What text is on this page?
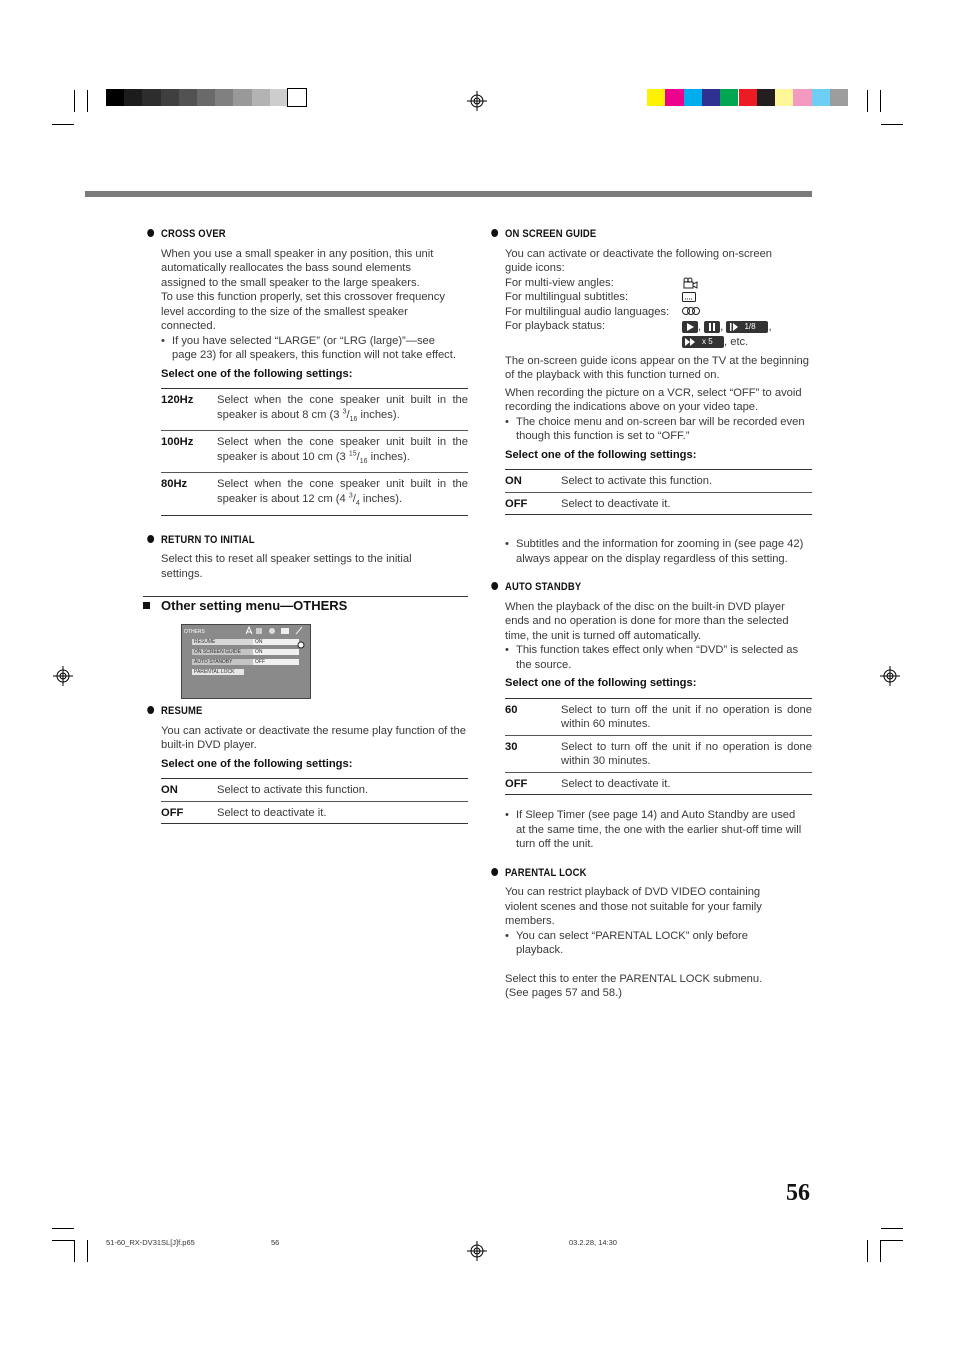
CROSS OVER

When you use a small speaker in any position, this unit
automatically reallocates the bass sound elements
assigned to the small speaker to the large speakers.
To use this function properly, set this crossover frequency
level according to the size of the smallest speaker
connected.

• If you have selected “LARGE” (or “LRG (large)”—see page 23) for all speakers, this function will not take effect.
Select one of the following settings:
120Hz	Select when the cone speaker unit built in the speaker is about 8 cm (3 $^3/_{16}$ inches).
100Hz	Select when the cone speaker unit built in the speaker is about 10 cm (3 $^{15}/_{16}$ inches).
80Hz	Select when the cone speaker unit built in the speaker is about 12 cm (4 $^3/_4$ inches).
RETURN TO INITIAL

Select this to reset all speaker settings to the initial settings.

Other setting menu—OTHERS
OTHERS
RESUME	ON
ON SCREEN GUIDE	ON
AUTO STANDBY	OFF
PARENTAL LOCK
RESUME

You can activate or deactivate the resume play function of the built-in DVD player.

Select one of the following settings:
ON	Select to activate this function.
OFF	Select to deactivate it.
ON SCREEN GUIDE

You can activate or deactivate the following on-screen guide icons:

For multi-view angles:
For multilingual subtitles:
For multilingual audio languages:
For playback status:	, , 1/8 ,
x 5 , etc.

The on-screen guide icons appear on the TV at the beginning of the playback with this function turned on.

When recording the picture on a VCR, select “OFF” to avoid recording the indications above on your video tape.

• The choice menu and on-screen bar will be recorded even though this function is set to “OFF.”
Select one of the following settings:
ON	Select to activate this function.
OFF	Select to deactivate it.
• Subtitles and the information for zooming in (see page 42) always appear on the display regardless of this setting.
AUTO STANDBY

When the playback of the disc on the built-in DVD player ends and no operation is done for more than the selected time, the unit is turned off automatically.

• This function takes effect only when “DVD” is selected as the source.
Select one of the following settings:
60	Select to turn off the unit if no operation is done within 60 minutes.
30	Select to turn off the unit if no operation is done within 30 minutes.
OFF	Select to deactivate it.
• If Sleep Timer (see page 14) and Auto Standby are used at the same time, the one with the earlier shut-off time will turn off the unit.
PARENTAL LOCK

You can restrict playback of DVD VIDEO containing violent scenes and those not suitable for your family members.

• You can select “PARENTAL LOCK” only before playback.

Select this to enter the PARENTAL LOCK submenu.
(See pages 57 and 58.)

56
51-60_RX-DV31SL[J]f.p65	56	03.2.28, 14:30
